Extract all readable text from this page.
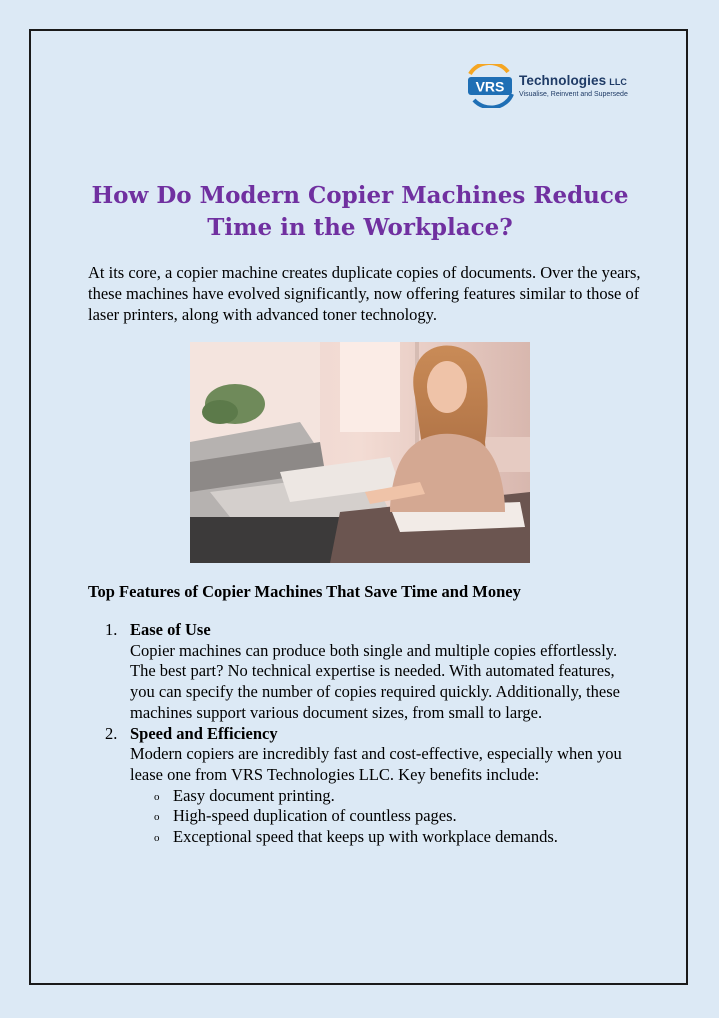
VRS Technologies LLC
Visualise, Reinvent and Supersede
How Do Modern Copier Machines Reduce Time in the Workplace?

At its core, a copier machine creates duplicate copies of documents. Over the years, these machines have evolved significantly, now offering features similar to those of laser printers, along with advanced toner technology.

Top Features of Copier Machines That Save Time and Money
1. Ease of Use
Copier machines can produce both single and multiple copies effortlessly. The best part? No technical expertise is needed. With automated features, you can specify the number of copies required quickly. Additionally, these machines support various document sizes, from small to large.
2. Speed and Efficiency
Modern copiers are incredibly fast and cost-effective, especially when you lease one from VRS Technologies LLC. Key benefits include:
o Easy document printing.
o High-speed duplication of countless pages.
o Exceptional speed that keeps up with workplace demands.
